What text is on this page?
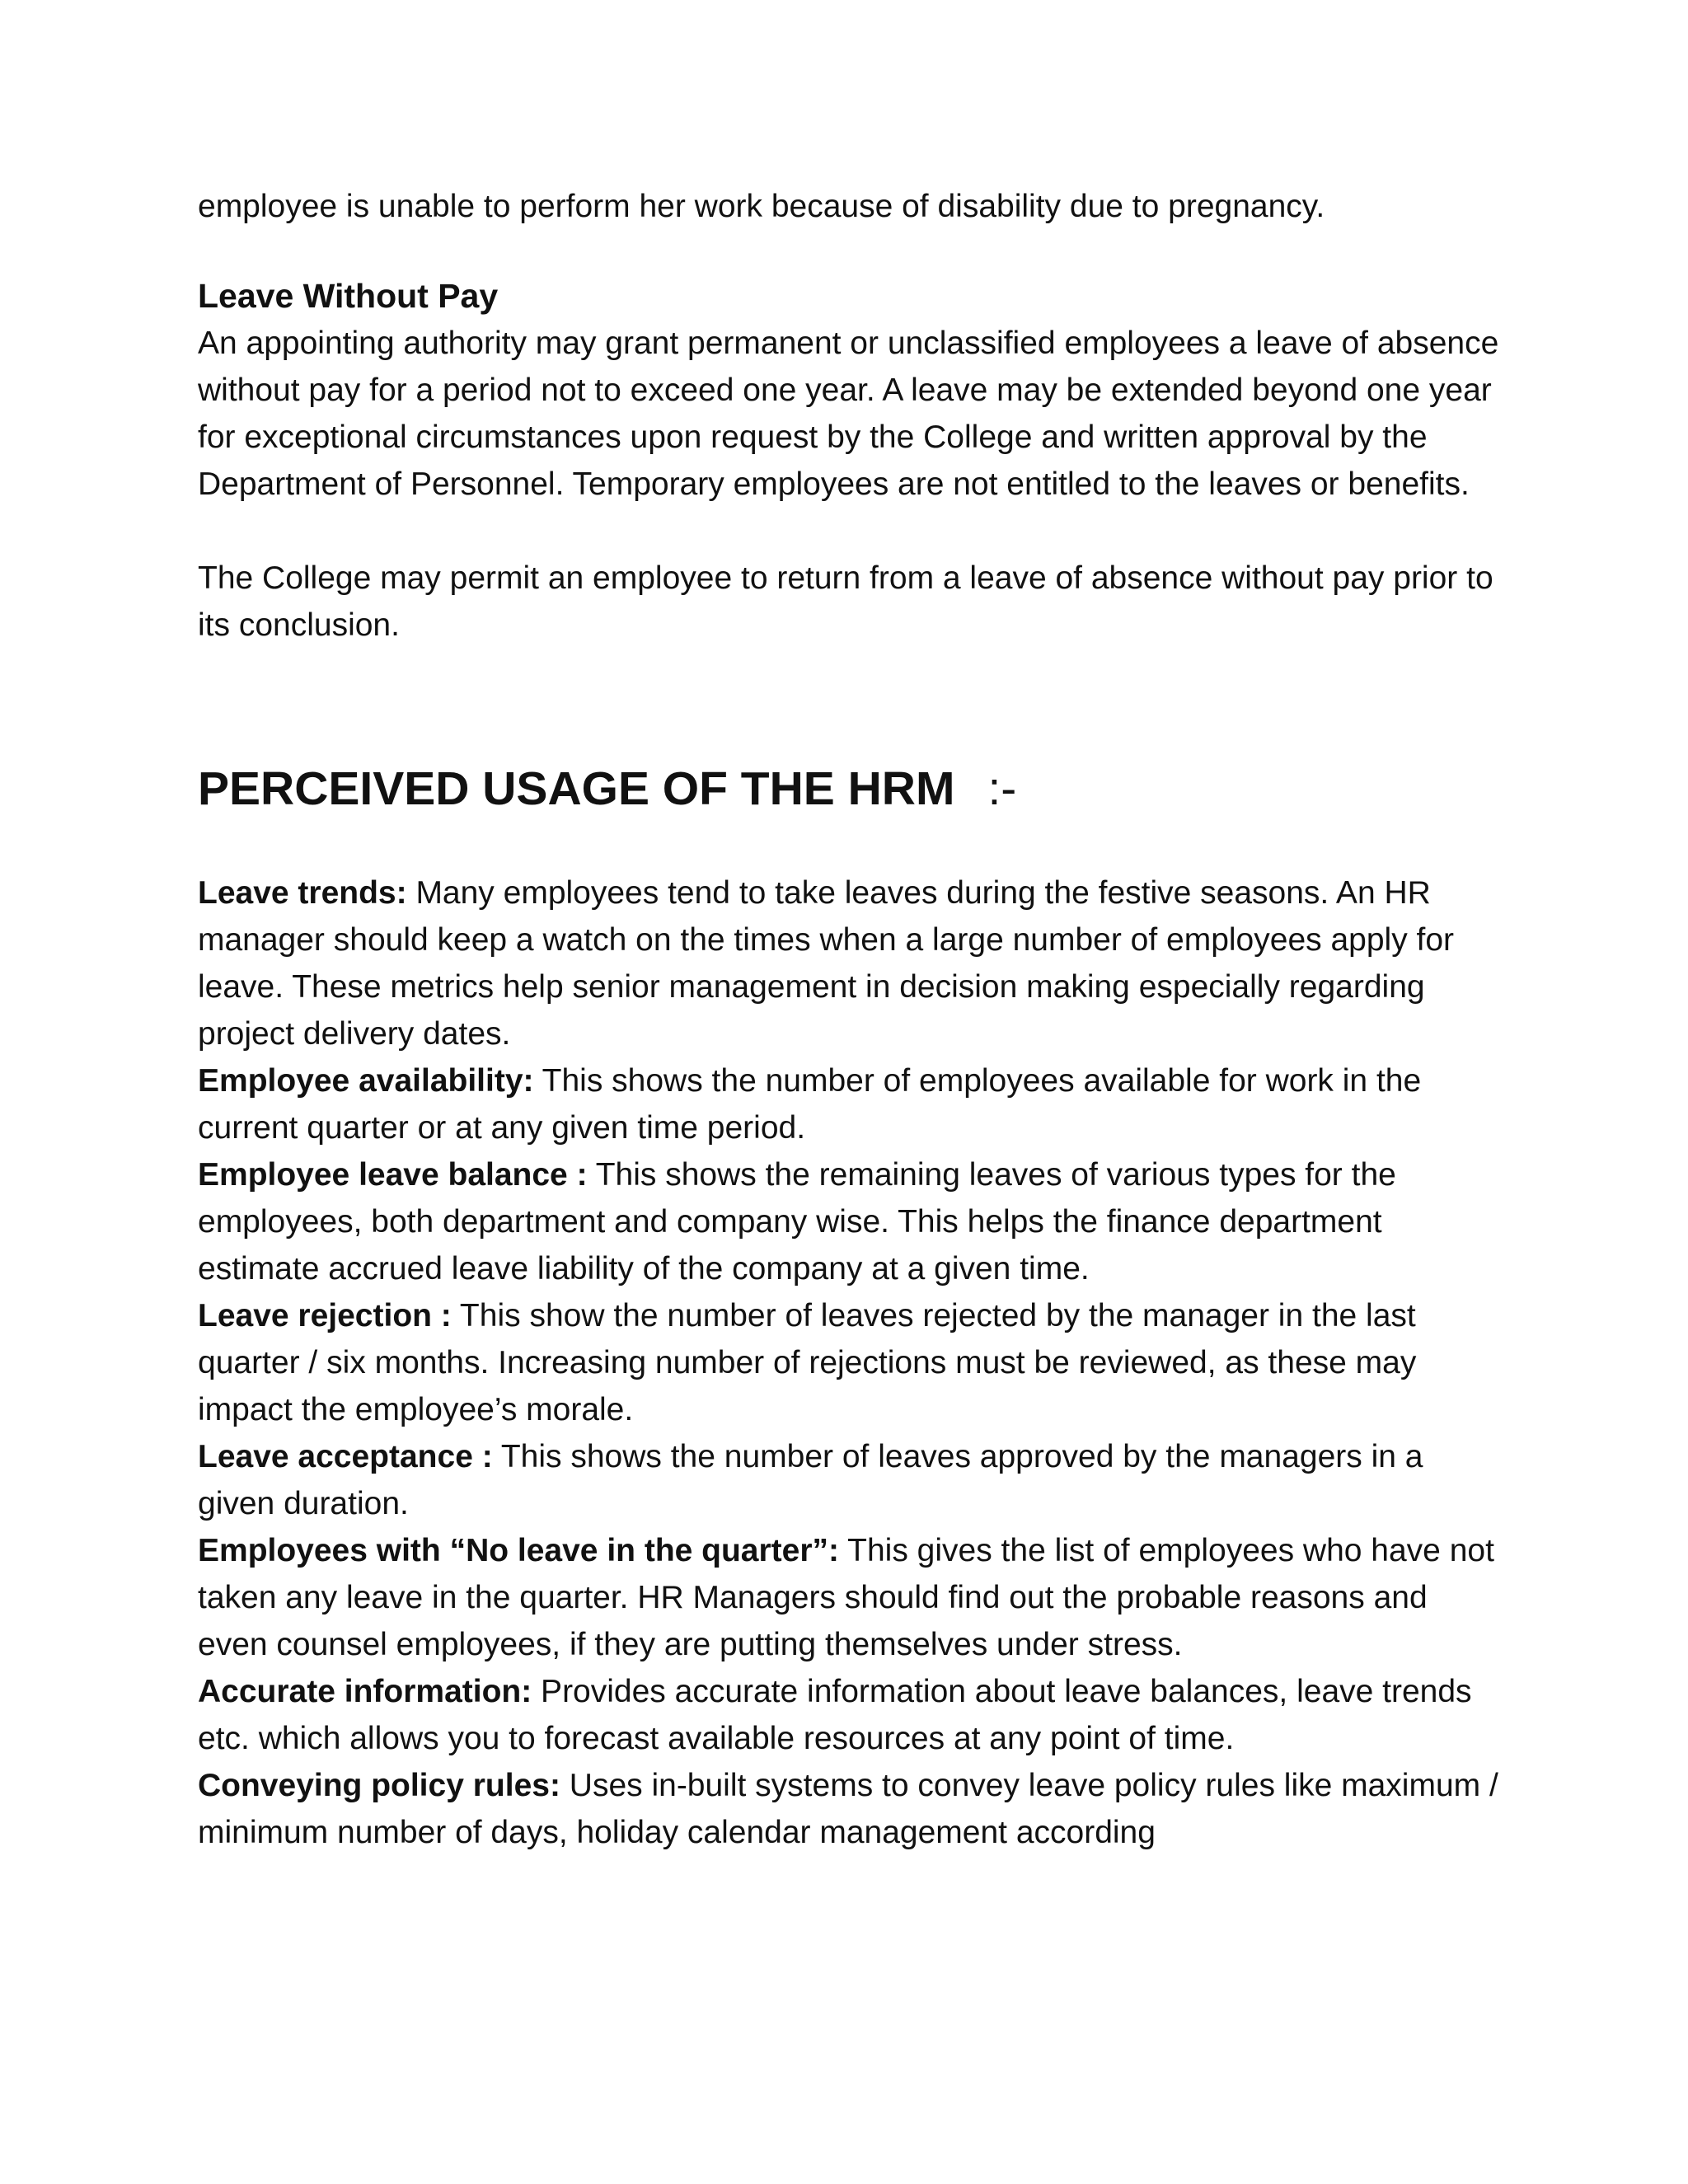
employee is unable to perform her work because of disability due to pregnancy.

Leave Without Pay

An appointing authority may grant permanent or unclassified employees a leave of absence without pay for a period not to exceed one year. A leave may be extended beyond one year for exceptional circumstances upon request by the College and written approval by the Department of Personnel. Temporary employees are not entitled to the leaves or benefits.

The College may permit an employee to return from a leave of absence without pay prior to its conclusion.

PERCEIVED USAGE OF THE HRM :-

Leave trends: Many employees tend to take leaves during the festive seasons. An HR manager should keep a watch on the times when a large number of employees apply for leave. These metrics help senior management in decision making especially regarding project delivery dates.

Employee availability: This shows the number of employees available for work in the current quarter or at any given time period.

Employee leave balance : This shows the remaining leaves of various types for the employees, both department and company wise. This helps the finance department estimate accrued leave liability of the company at a given time.

Leave rejection : This show the number of leaves rejected by the manager in the last quarter / six months. Increasing number of rejections must be reviewed, as these may impact the employee’s morale.

Leave acceptance : This shows the number of leaves approved by the managers in a given duration.

Employees with “No leave in the quarter”: This gives the list of employees who have not taken any leave in the quarter. HR Managers should find out the probable reasons and even counsel employees, if they are putting themselves under stress.

Accurate information: Provides accurate information about leave balances, leave trends etc. which allows you to forecast available resources at any point of time.

Conveying policy rules: Uses in-built systems to convey leave policy rules like maximum / minimum number of days, holiday calendar management according
